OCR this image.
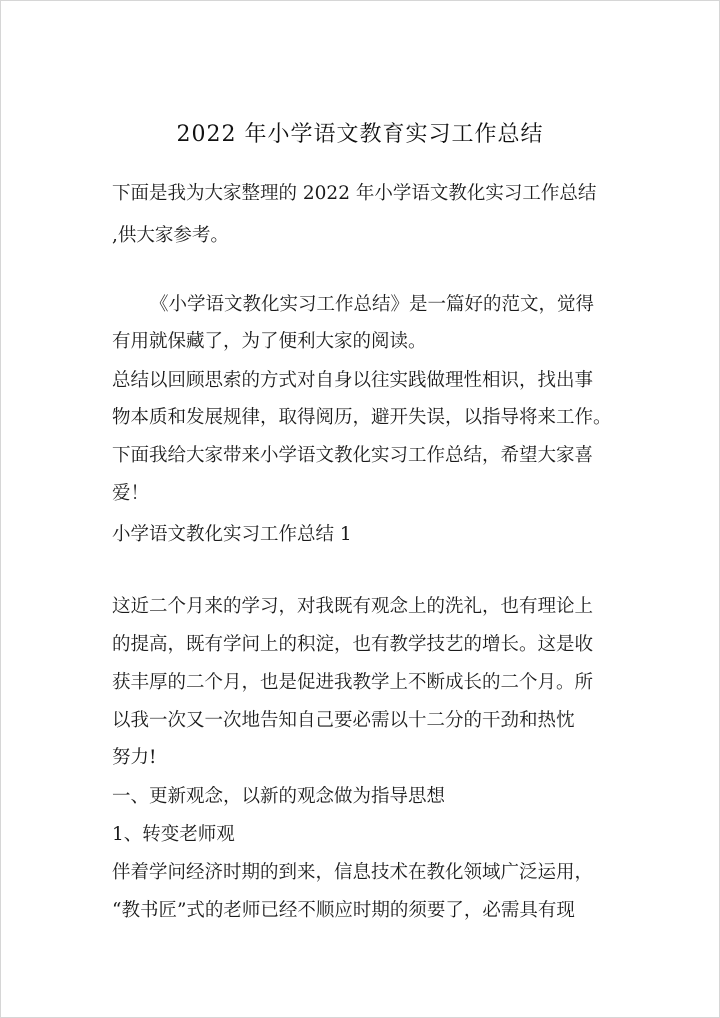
2022 年小学语文教育实习工作总结
下面是我为大家整理的 2022 年小学语文教化实习工作总结
,供大家参考。
《小学语文教化实习工作总结》是一篇好的范文，觉得
有用就保藏了，为了便利大家的阅读。
总结以回顾思索的方式对自身以往实践做理性相识，找出事
物本质和发展规律，取得阅历，避开失误，以指导将来工作。
下面我给大家带来小学语文教化实习工作总结，希望大家喜
爱！
小学语文教化实习工作总结 1
这近二个月来的学习，对我既有观念上的洗礼，也有理论上
的提高，既有学问上的积淀，也有教学技艺的增长。这是收
获丰厚的二个月，也是促进我教学上不断成长的二个月。所
以我一次又一次地告知自己要必需以十二分的干劲和热忱
努力!
一、更新观念，以新的观念做为指导思想
1、转变老师观
伴着学问经济时期的到来，信息技术在教化领域广泛运用，
“教书匠”式的老师已经不顺应时期的须要了，必需具有现
